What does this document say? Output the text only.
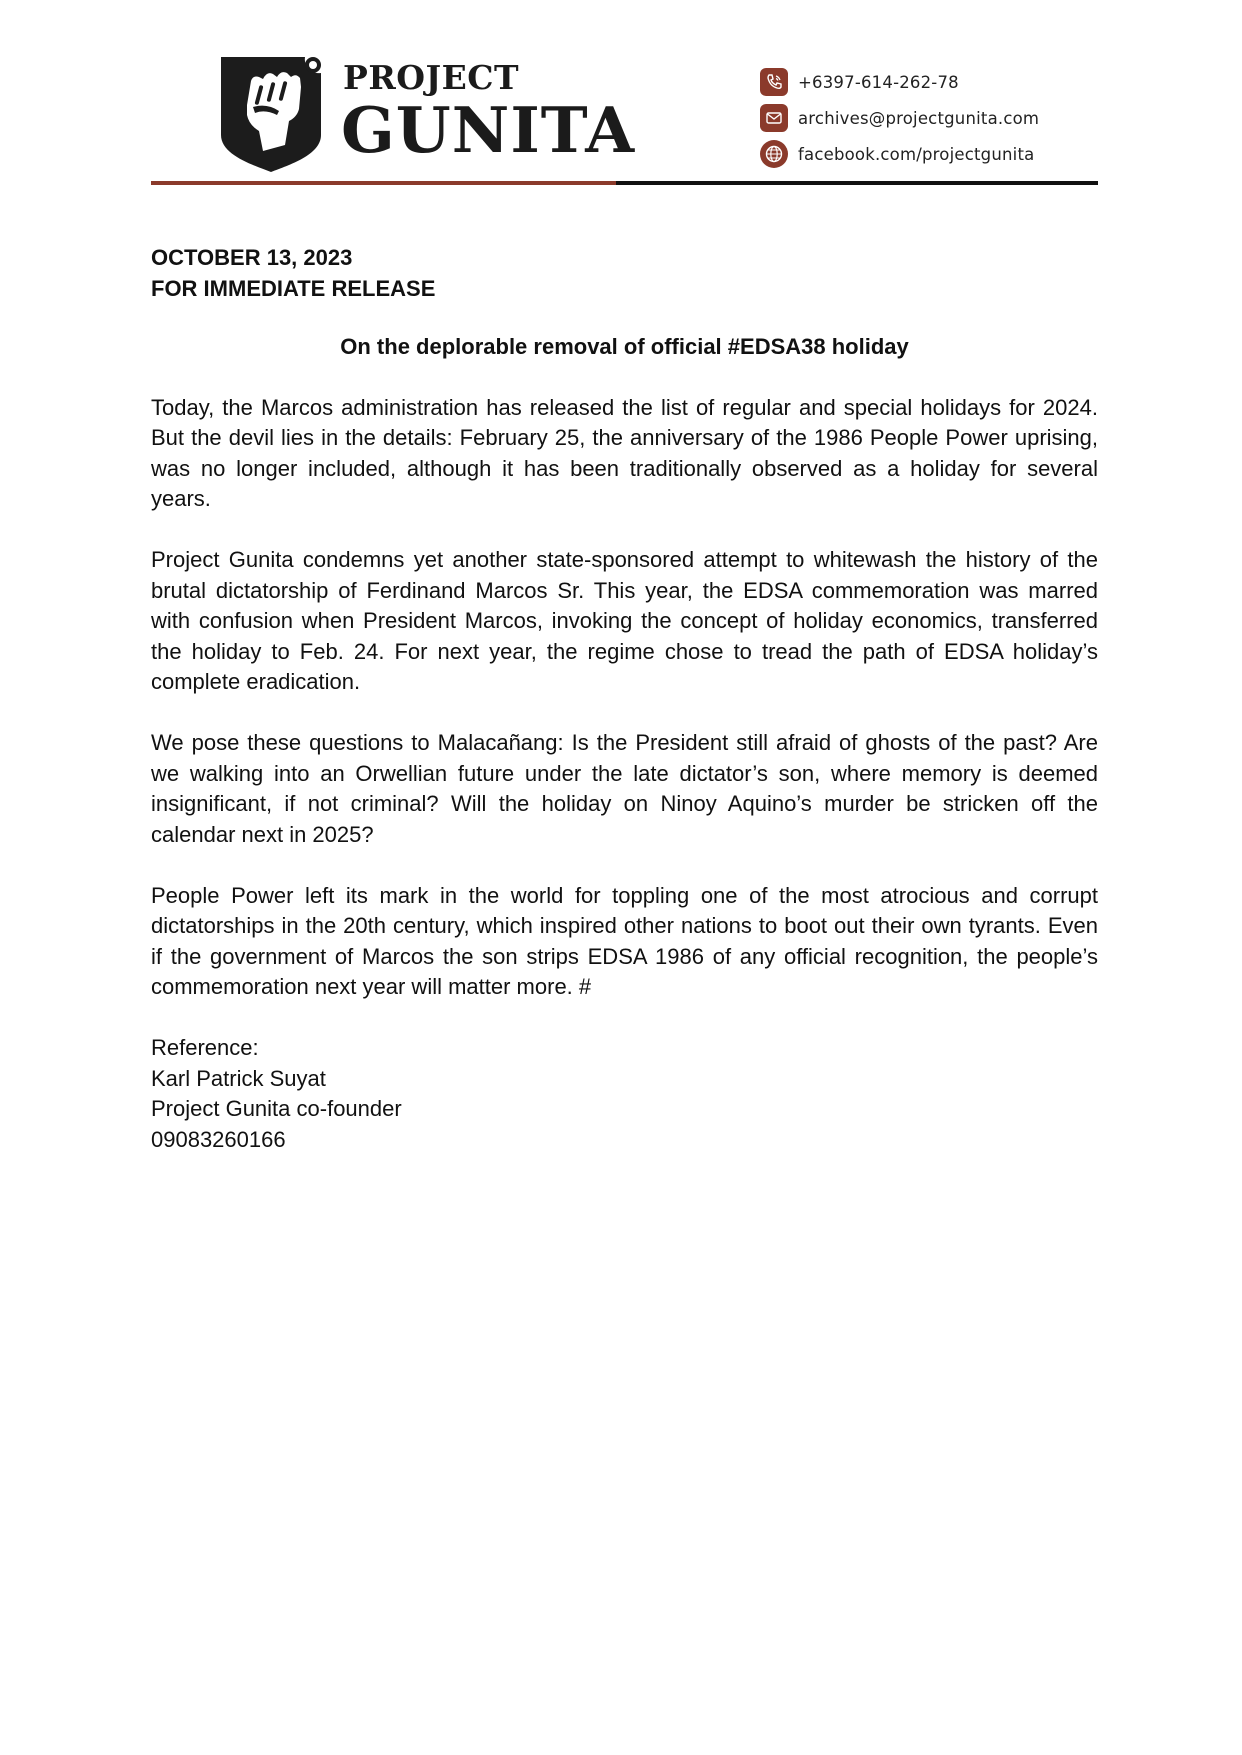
PROJECT
GUNITA
+6397-614-262-78
archives@projectgunita.com
facebook.com/projectgunita
OCTOBER 13, 2023
FOR IMMEDIATE RELEASE
On the deplorable removal of official #EDSA38 holiday

Today, the Marcos administration has released the list of regular and special holidays for 2024. But the devil lies in the details: February 25, the anniversary of the 1986 People Power uprising, was no longer included, although it has been traditionally observed as a holiday for several years.

Project Gunita condemns yet another state-sponsored attempt to whitewash the history of the brutal dictatorship of Ferdinand Marcos Sr. This year, the EDSA commemoration was marred with confusion when President Marcos, invoking the concept of holiday economics, transferred the holiday to Feb. 24. For next year, the regime chose to tread the path of EDSA holiday’s complete eradication.

We pose these questions to Malacañang: Is the President still afraid of ghosts of the past? Are we walking into an Orwellian future under the late dictator’s son, where memory is deemed insignificant, if not criminal? Will the holiday on Ninoy Aquino’s murder be stricken off the calendar next in 2025?

People Power left its mark in the world for toppling one of the most atrocious and corrupt dictatorships in the 20th century, which inspired other nations to boot out their own tyrants. Even if the government of Marcos the son strips EDSA 1986 of any official recognition, the people’s commemoration next year will matter more. #

Reference:
Karl Patrick Suyat
Project Gunita co-founder
09083260166
